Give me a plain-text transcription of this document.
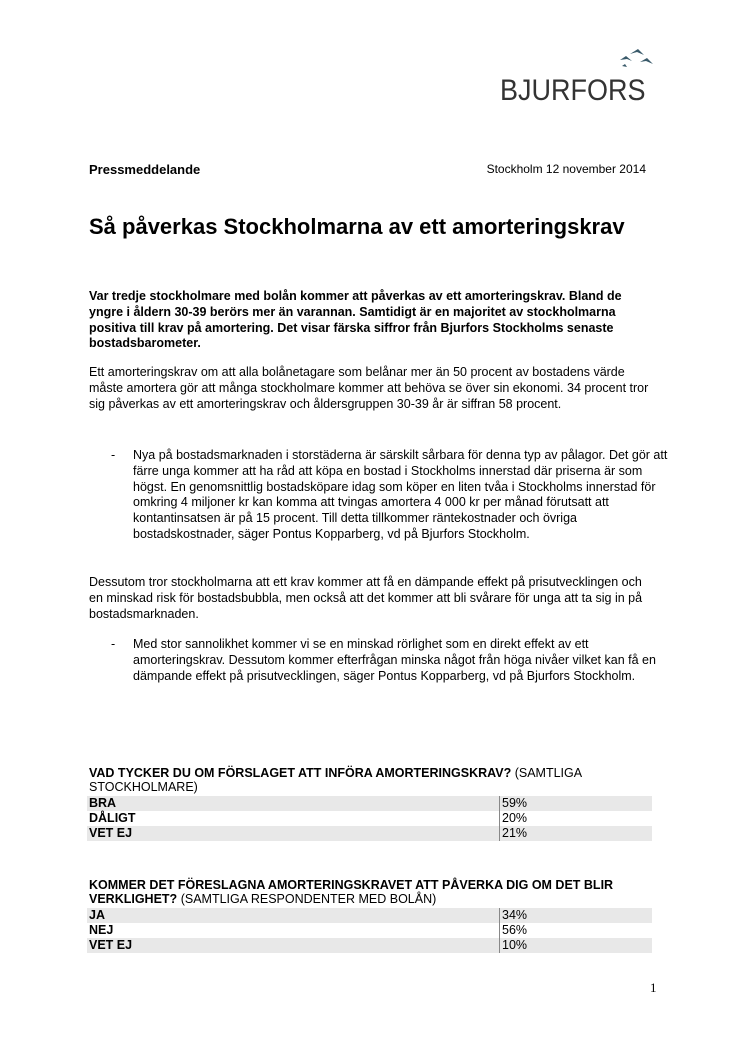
BJURFORS
Pressmeddelande	Stockholm 12 november 2014
Så påverkas Stockholmarna av ett amorteringskrav

Var tredje stockholmare med bolån kommer att påverkas av ett amorteringskrav. Bland de yngre i åldern 30-39 berörs mer än varannan. Samtidigt är en majoritet av stockholmarna positiva till krav på amortering. Det visar färska siffror från Bjurfors Stockholms senaste bostadsbarometer.

Ett amorteringskrav om att alla bolånetagare som belånar mer än 50 procent av bostadens värde måste amortera gör att många stockholmare kommer att behöva se över sin ekonomi. 34 procent tror sig påverkas av ett amorteringskrav och åldersgruppen 30-39 år är siffran 58 procent.

- Nya på bostadsmarknaden i storstäderna är särskilt sårbara för denna typ av pålagor. Det gör att färre unga kommer att ha råd att köpa en bostad i Stockholms innerstad där priserna är som högst. En genomsnittlig bostadsköpare idag som köper en liten tvåa i Stockholms innerstad för omkring 4 miljoner kr kan komma att tvingas amortera 4 000 kr per månad förutsatt att kontantinsatsen är på 15 procent. Till detta tillkommer räntekostnader och övriga bostadskostnader, säger Pontus Kopparberg, vd på Bjurfors Stockholm.

Dessutom tror stockholmarna att ett krav kommer att få en dämpande effekt på prisutvecklingen och en minskad risk för bostadsbubbla, men också att det kommer att bli svårare för unga att ta sig in på bostadsmarknaden.

- Med stor sannolikhet kommer vi se en minskad rörlighet som en direkt effekt av ett amorteringskrav. Dessutom kommer efterfrågan minska något från höga nivåer vilket kan få en dämpande effekt på prisutvecklingen, säger Pontus Kopparberg, vd på Bjurfors Stockholm.

VAD TYCKER DU OM FÖRSLAGET ATT INFÖRA AMORTERINGSKRAV? (SAMTLIGA STOCKHOLMARE)

BRA	59%
DÅLIGT	20%
VET EJ	21%

KOMMER DET FÖRESLAGNA AMORTERINGSKRAVET ATT PÅVERKA DIG OM DET BLIR VERKLIGHET? (SAMTLIGA RESPONDENTER MED BOLÅN)

JA	34%
NEJ	56%
VET EJ	10%
1
